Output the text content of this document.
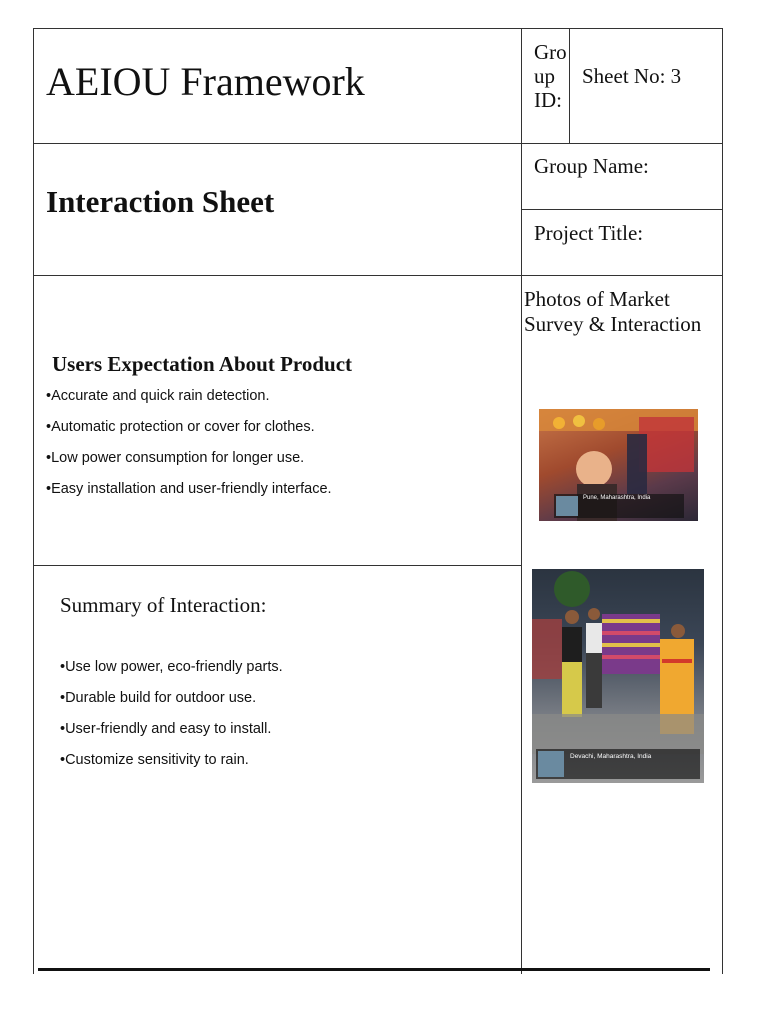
AEIOU Framework
Gro
up
ID:
Sheet No: 3
Interaction Sheet
Group Name:
Project Title:
Photos of Market Survey & Interaction
Pune, Maharashtra, India
Devachi, Maharashtra, India
Users Expectation About Product
•Accurate and quick rain detection.
•Automatic protection or cover for clothes.
•Low power consumption for longer use.
•Easy installation and user-friendly interface.
Summary of Interaction:
•Use low power, eco-friendly parts.
•Durable build for outdoor use.
•User-friendly and easy to install.
•Customize sensitivity to rain.
